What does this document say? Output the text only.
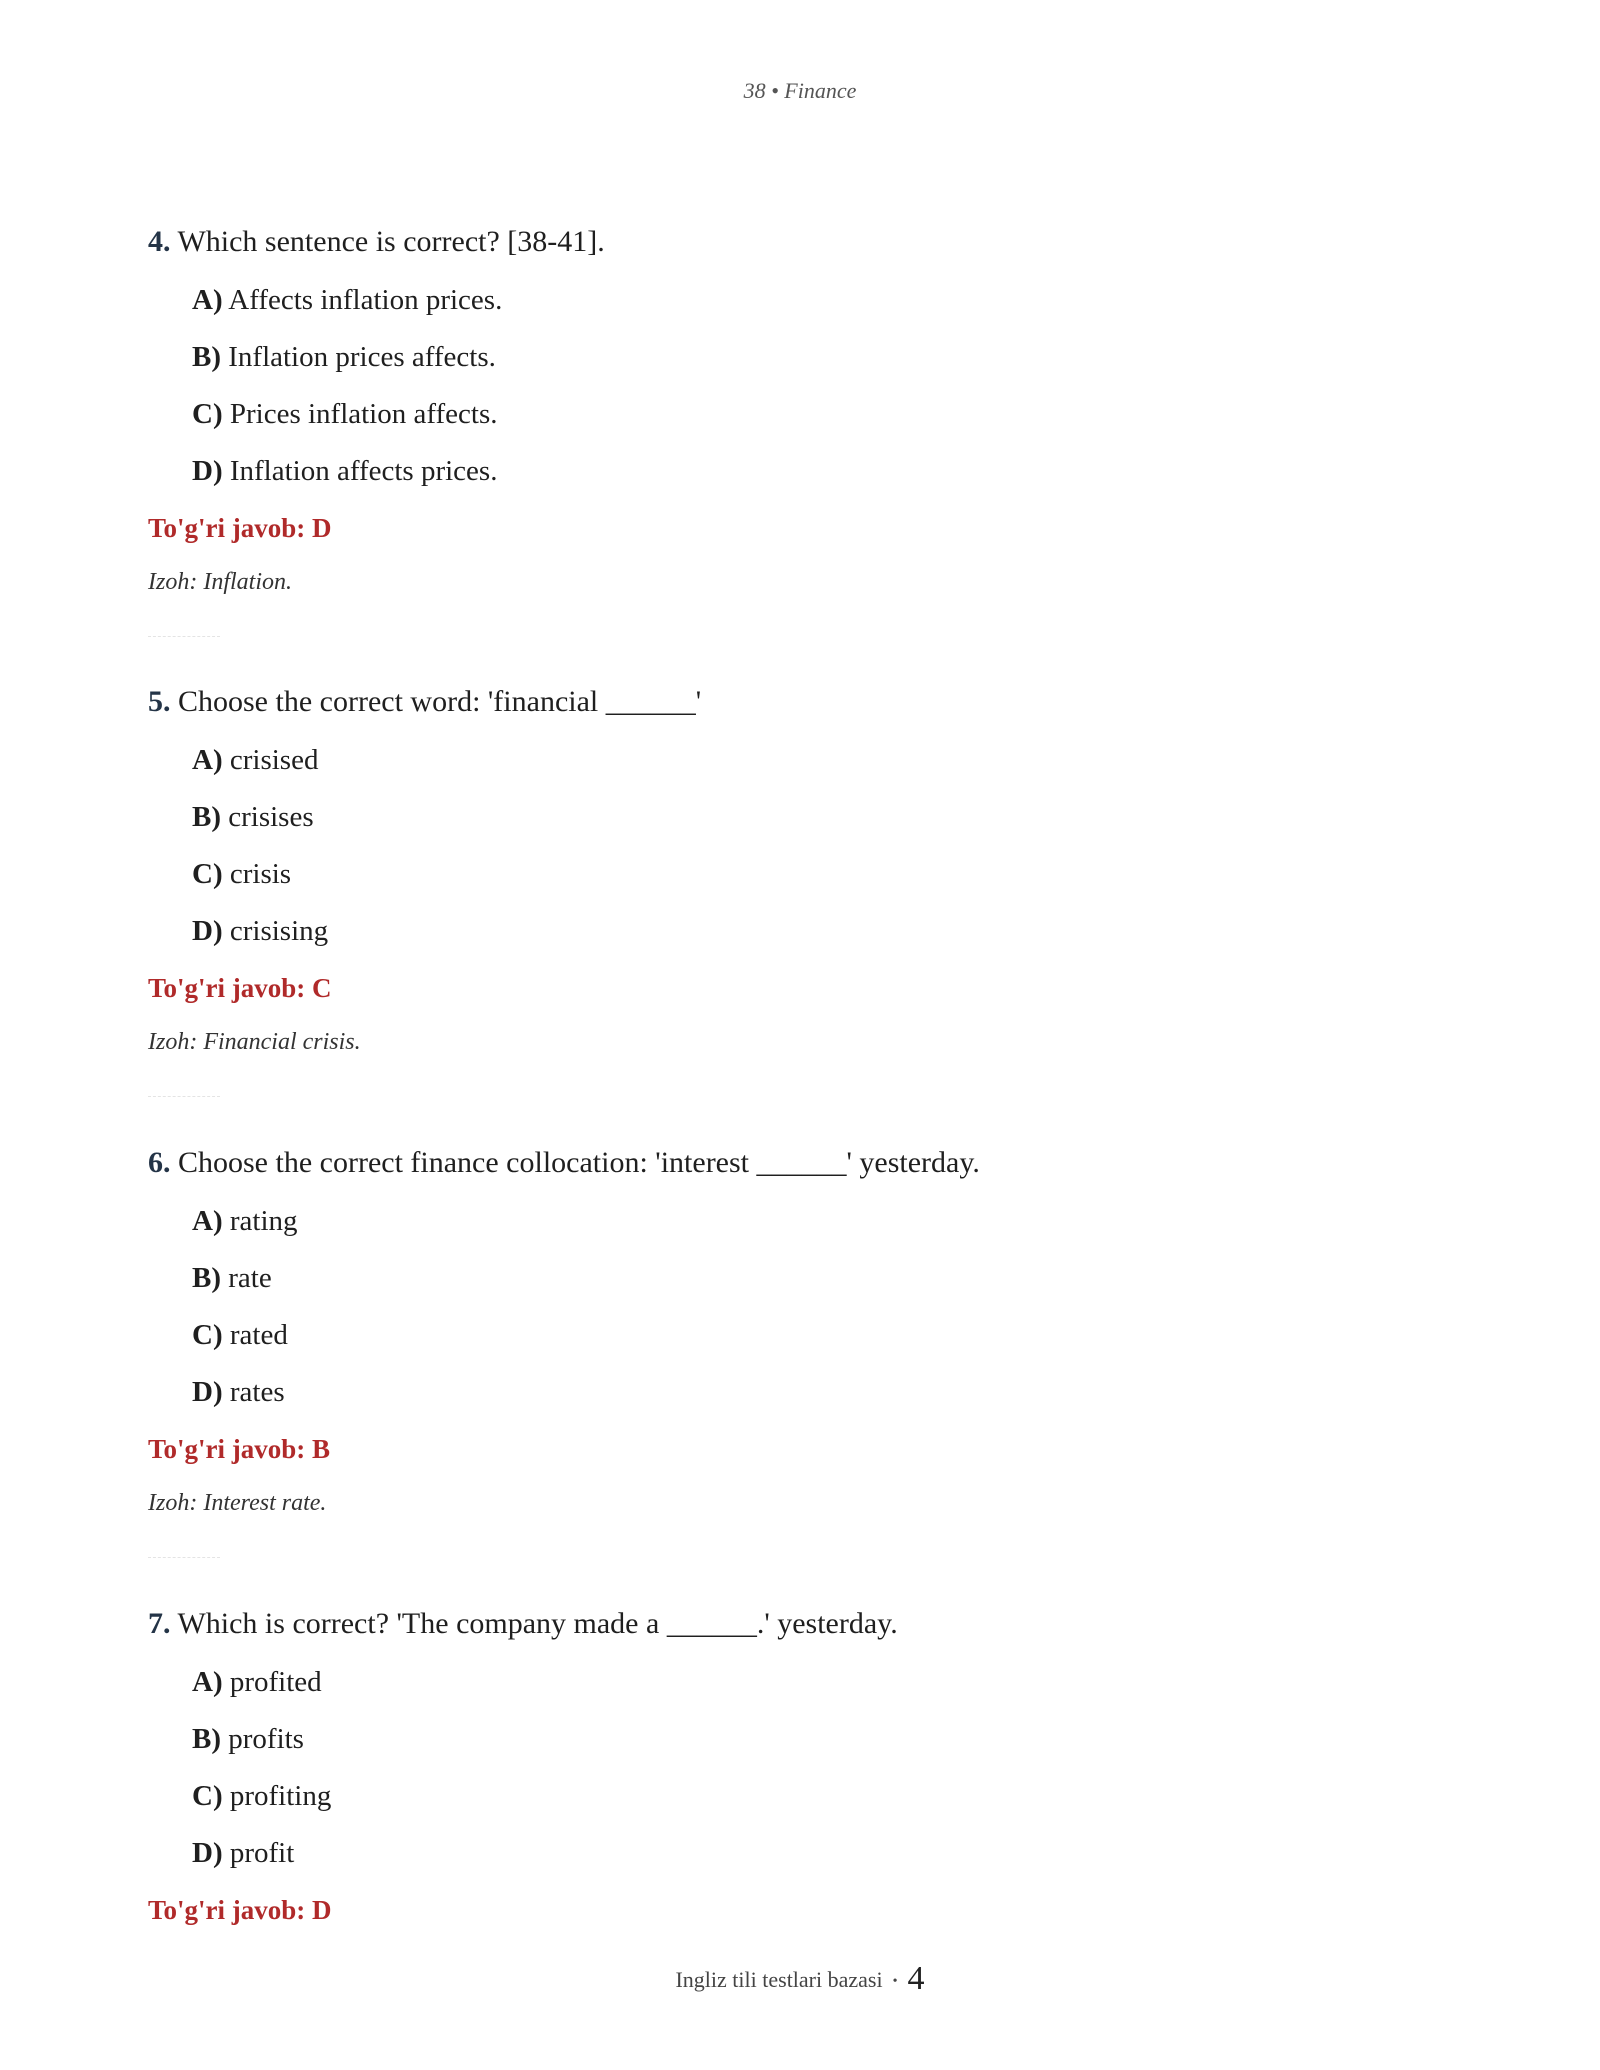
38 • Finance
4. Which sentence is correct? [38-41].
A) Affects inflation prices.
B) Inflation prices affects.
C) Prices inflation affects.
D) Inflation affects prices.
To'g'ri javob: D
Izoh: Inflation.
5. Choose the correct word: 'financial ______'
A) crisised
B) crisises
C) crisis
D) crisising
To'g'ri javob: C
Izoh: Financial crisis.
6. Choose the correct finance collocation: 'interest ______' yesterday.
A) rating
B) rate
C) rated
D) rates
To'g'ri javob: B
Izoh: Interest rate.
7. Which is correct? 'The company made a ______.' yesterday.
A) profited
B) profits
C) profiting
D) profit
To'g'ri javob: D
Ingliz tili testlari bazasi • 4
